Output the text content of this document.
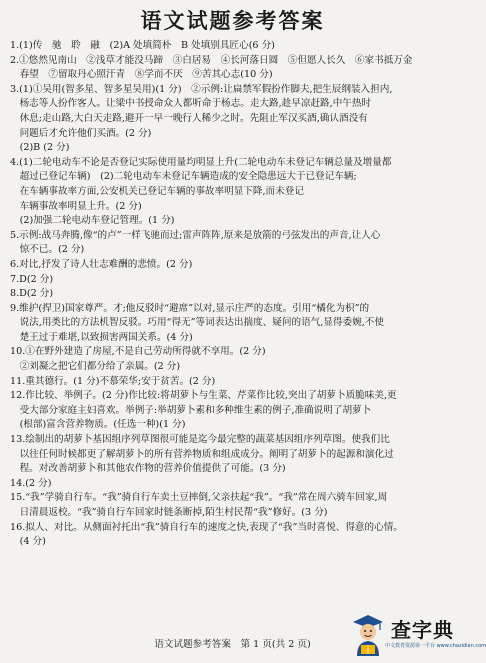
语文试题参考答案
1.(1)传　驰　聆　融　(2)A 处填简朴　B 处填别具匠心(6 分)
2.①悠然见南山　②浅草才能没马蹄　③白居易　④长河落日圆　⑤但愿人长久　⑥家书抵万金
　春望　⑦留取丹心照汗青　⑧学而不厌　⑨苦其心志(10 分)
3.(1)①吴用(智多星、智多星吴用)(1 分)　②示例:让扁禁军假扮作脚夫,把生辰纲装入担内,
　杨志等人扮作客人。让梁中书授命众人都听命于杨志。走大路,趁早凉赶路,中午热时
　休息;走山路,大白天走路,避开一早一晚行人稀少之时。先阻止军汉买酒,确认酒没有
　问题后才允许他们买酒。(2 分)
　(2)B (2 分)
4.(1)二轮电动车不论是否登记实际使用量均明显上升(二轮电动车未登记车辆总量及增量都
　超过已登记车辆)　(2)二轮电动车未登记车辆造成的安全隐患远大于已登记车辆;
　在车辆事故率方面,公安机关已登记车辆的事故率明显下降,而未登记
　车辆事故率明显上升。(2 分)
　(2)加强二轮电动车登记管理。(1 分)
5.示例:战马奔腾,像“的卢”一样飞驰而过;雷声阵阵,原来是放箭的弓弦发出的声音,让人心
　惊不已。(2 分)
6.对比,抒发了诗人壮志难酬的悲愤。(2 分)
7.D(2 分)
8.D(2 分)
9.维护(捍卫)国家尊严。才;他反驳时“避席”以对,显示庄严的态度。引用“橘化为枳”的
　说法,用类比的方法机智反驳。巧用“得无”等词表达出揣度、疑问的语气,显得委婉,不使
　楚王过于难堪,以致损害两国关系。(4 分)
10.①在野外建造了房屋,不是自己劳动所得就不享用。(2 分)
　②刘凝之把它们都分给了亲属。(2 分)
11.重其德行。(1 分)不慕荣华;安于贫苦。(2 分)
12.作比较、举例子。(2 分)作比较:将胡萝卜与生菜、芹菜作比较,突出了胡萝卜质脆味美,更
　受大部分家庭主妇喜欢。举例子:举胡萝卜素和多种维生素的例子,准确说明了胡萝卜
　(根部)富含营养物质。(任选一种)(1 分)
13.绘制出的胡萝卜基因组序列草图很可能是迄今最完整的蔬菜基因组序列草图。使我们比
　以往任何时候都更了解胡萝卜的所有营养物质和组成成分。阐明了胡萝卜的起源和演化过
　程。对改善胡萝卜和其他农作物的营养价值提供了可能。(3 分)
14.(2 分)
15.“我”学骑自行车。“我”骑自行车卖土豆摔倒,父亲扶起“我”。“我”常在周六骑车回家,周
　日清晨返校。“我”骑自行车回家时链条断掉,陌生村民帮“我”修好。(3 分)
16.拟人、对比。从侧面衬托出“我”骑自行车的速度之快,表现了“我”当时喜悦、得意的心情。
　(4 分)
语文试题参考答案　第 1 页(共 2 页)
查字典
中文教育资源第一平台 www.chazidian.com
